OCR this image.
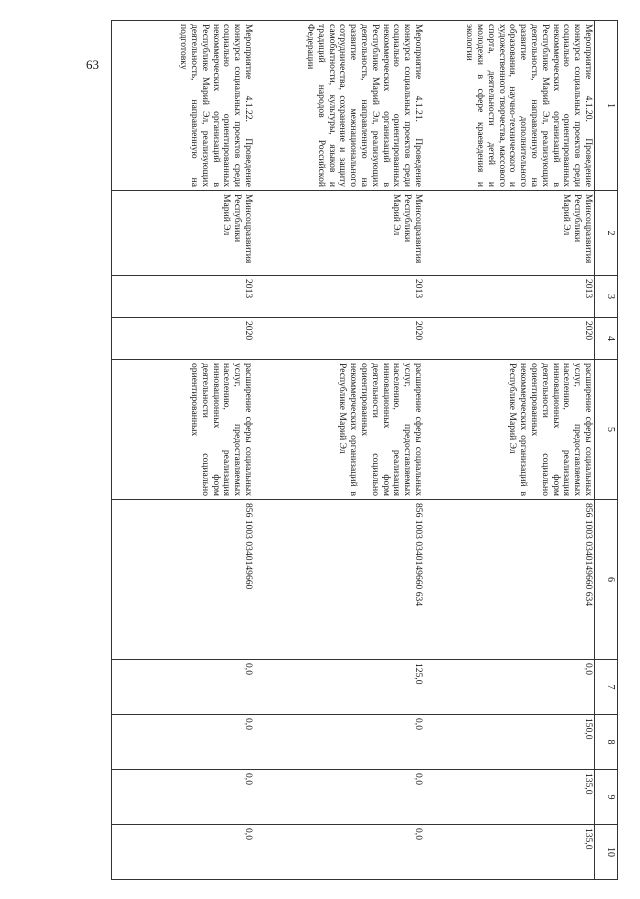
63
1	2	3	4	5	6	7	8	9	10
Мероприятие 4.1.20. Проведение конкурса социальных проектов среди социально ориентированных некоммерческих организаций в Республике Марий Эл, реализующих деятельность, направленную на развитие дополнительного образования, научно-технического и художественного творчества, массового спорта, деятельности детей и молодежи в сфере краеведения и экологии	Минсоцразвития Республики Марий Эл	2013	2020	расширение сферы социальных услуг, предоставляемых населению, реализация инновационных форм деятельности социально ориентированных некоммерческих организаций в Республике Марий Эл	856 1003 0340149660 634	0,0	150,0	135,0	135,0
Мероприятие 4.1.21. Проведение конкурса социальных проектов среди социально ориентированных некоммерческих организаций в Республике Марий Эл, реализующих деятельность, направленную на развитие межнационального сотрудничества, сохранение и защиту самобытности, культуры, языков и традиций народов Российской Федерации	Минсоцразвития Республики Марий Эл	2013	2020	расширение сферы социальных услуг, предоставляемых населению, реализация инновационных форм деятельности социально ориентированных некоммерческих организаций в Республике Марий Эл	856 1003 0340149660 634	125,0	0,0	0,0	0,0
Мероприятие 4.1.22. Проведение конкурса социальных проектов среди социально ориентированных некоммерческих организаций в Республике Марий Эл, реализующих деятельность, направленную на подготовку	Минсоцразвития Республики Марий Эл	2013	2020	расширение сферы социальных услуг, предоставляемых населению, реализация инновационных форм деятельности социально ориентированных	856 1003 0340149660	0,0	0,0	0,0	0,0
